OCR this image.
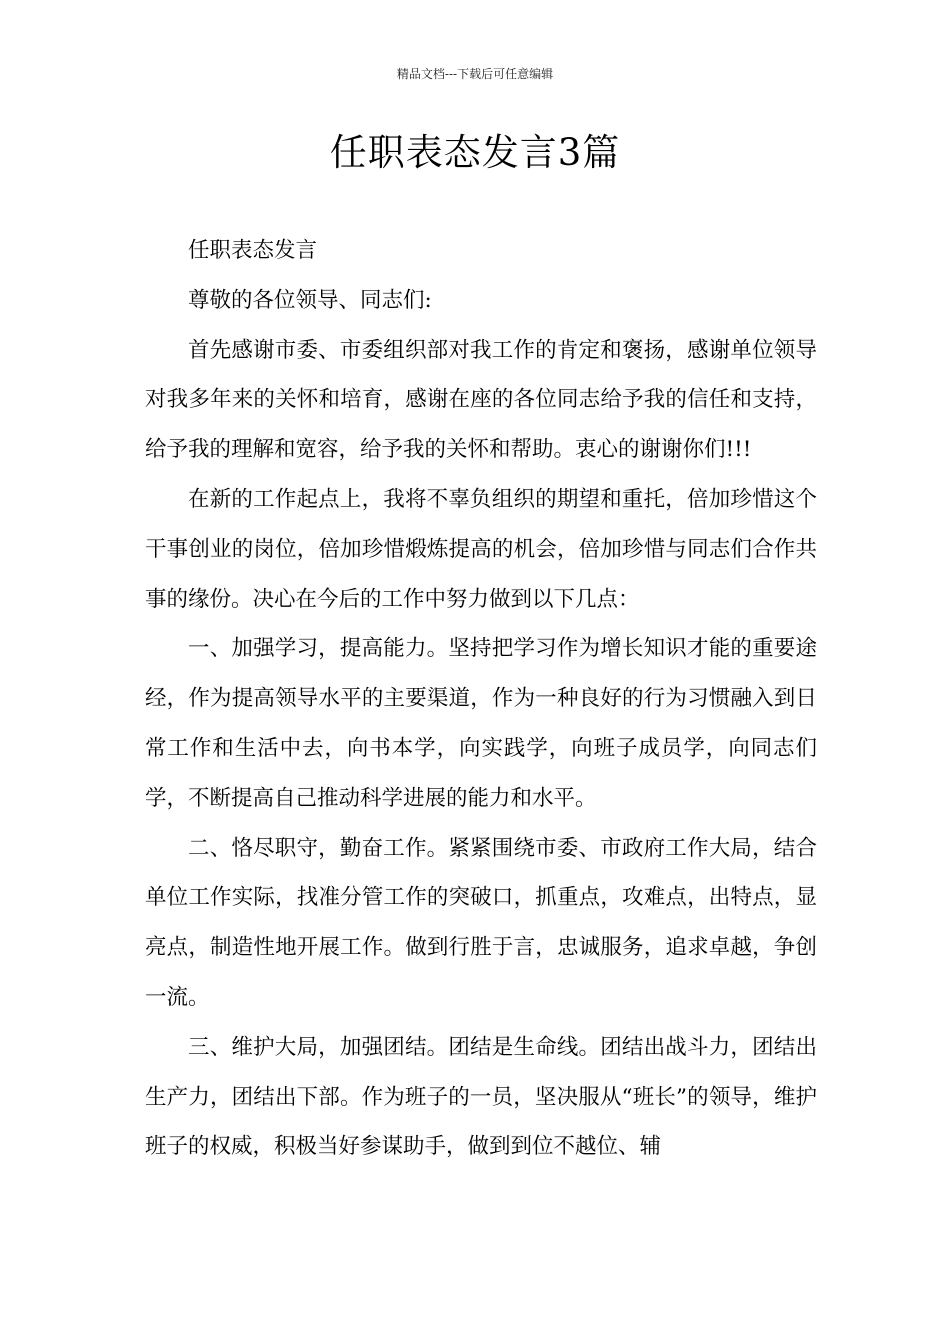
精品文档---下载后可任意编辑
任职表态发言3篇

任职表态发言

尊敬的各位领导、同志们:

首先感谢市委、市委组织部对我工作的肯定和褒扬，感谢单位领导对我多年来的关怀和培育，感谢在座的各位同志给予我的信任和支持，给予我的理解和宽容，给予我的关怀和帮助。衷心的谢谢你们!!!

在新的工作起点上，我将不辜负组织的期望和重托，倍加珍惜这个干事创业的岗位，倍加珍惜煅炼提高的机会，倍加珍惜与同志们合作共事的缘份。决心在今后的工作中努力做到以下几点：

一、加强学习，提高能力。坚持把学习作为增长知识才能的重要途经，作为提高领导水平的主要渠道，作为一种良好的行为习惯融入到日常工作和生活中去，向书本学，向实践学，向班子成员学，向同志们学，不断提高自己推动科学进展的能力和水平。

二、恪尽职守，勤奋工作。紧紧围绕市委、市政府工作大局，结合单位工作实际，找准分管工作的突破口，抓重点，攻难点，出特点，显亮点，制造性地开展工作。做到行胜于言，忠诚服务，追求卓越，争创一流。

三、维护大局，加强团结。团结是生命线。团结出战斗力，团结出生产力，团结出下部。作为班子的一员，坚决服从“班长”的领导，维护班子的权威，积极当好参谋助手，做到到位不越位、辅
